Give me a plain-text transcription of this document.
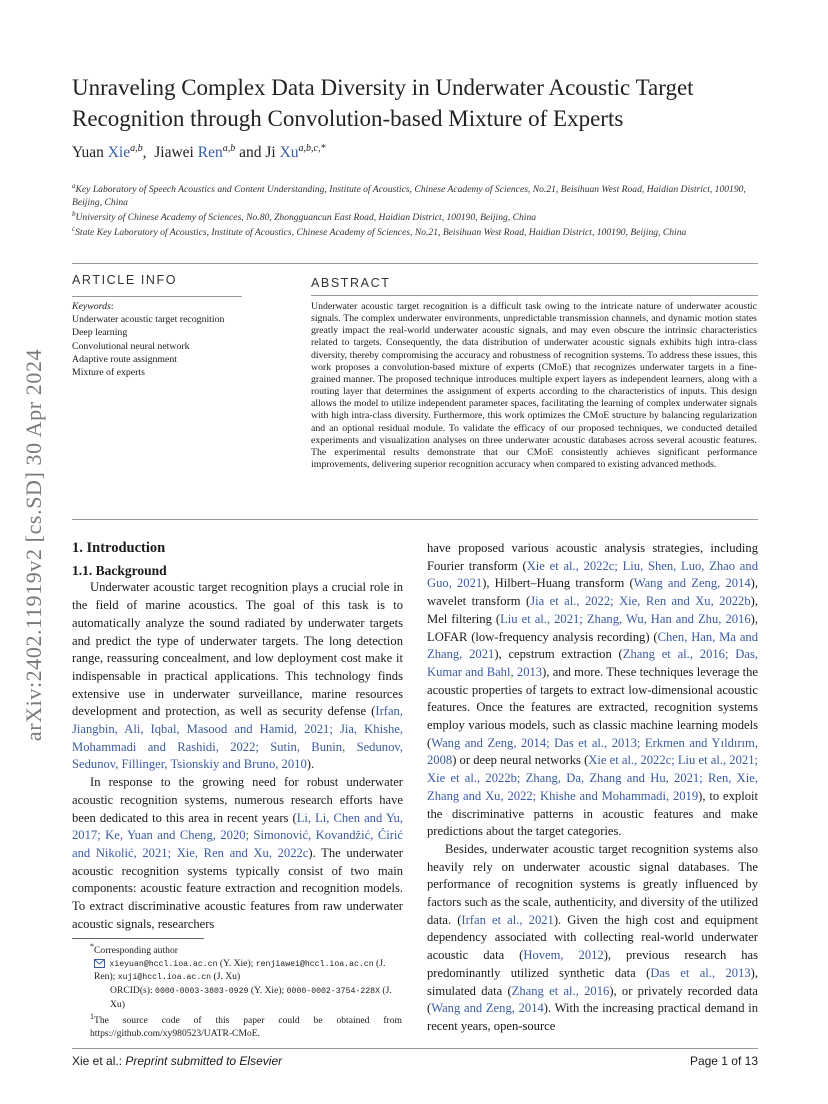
arXiv:2402.11919v2 [cs.SD] 30 Apr 2024
Unraveling Complex Data Diversity in Underwater Acoustic Target Recognition through Convolution-based Mixture of Experts
Yuan Xie$^{a,b}$,  Jiawei Ren$^{a,b}$ and Ji $Xu^{a,b,c,*}$
$^a$Key Laboratory of Speech Acoustics and Content Understanding, Institute of Acoustics, Chinese Academy of Sciences, No.21, Beisihuan West Road, Haidian District, 100190, Beijing, China
$^b$University of Chinese Academy of Sciences, No.80, Zhongguancun East Road, Haidian District, 100190, Beijing, China
$^c$State Key Laboratory of Acoustics, Institute of Acoustics, Chinese Academy of Sciences, No.21, Beisihuan West Road, Haidian District, 100190, Beijing, China
ARTICLE INFO	ABSTRACT
Keywords:
Underwater acoustic target recognition
Deep learning
Convolutional neural network
Adaptive route assignment
Mixture of experts
Underwater acoustic target recognition is a difficult task owing to the intricate nature of underwater acoustic signals. The complex underwater environments, unpredictable transmission channels, and dynamic motion states greatly impact the real-world underwater acoustic signals, and may even obscure the intrinsic characteristics related to targets. Consequently, the data distribution of underwater acoustic signals exhibits high intra-class diversity, thereby compromising the accuracy and robustness of recognition systems. To address these issues, this work proposes a convolution-based mixture of experts (CMoE) that recognizes underwater targets in a fine-grained manner. The proposed technique introduces multiple expert layers as independent learners, along with a routing layer that determines the assignment of experts according to the characteristics of inputs. This design allows the model to utilize independent parameter spaces, facilitating the learning of complex underwater signals with high intra-class diversity. Furthermore, this work optimizes the CMoE structure by balancing regularization and an optional residual module. To validate the efficacy of our proposed techniques, we conducted detailed experiments and visualization analyses on three underwater acoustic databases across several acoustic features. The experimental results demonstrate that our CMoE consistently achieves significant performance improvements, delivering superior recognition accuracy when compared to existing advanced methods.
1. Introduction
1.1. Background

Underwater acoustic target recognition plays a crucial role in the field of marine acoustics. The goal of this task is to automatically analyze the sound radiated by underwater targets and predict the type of underwater targets. The long detection range, reassuring concealment, and low deployment cost make it indispensable in practical applications. This technology finds extensive use in underwater surveillance, marine resources development and protection, as well as security defense (Irfan, Jiangbin, Ali, Iqbal, Masood and Hamid, 2021; Jia, Khishe, Mohammadi and Rashidi, 2022; Sutin, Bunin, Sedunov, Sedunov, Fillinger, Tsionskiy and Bruno, 2010).

In response to the growing need for robust underwater acoustic recognition systems, numerous research efforts have been dedicated to this area in recent years (Li, Li, Chen and Yu, 2017; Ke, Yuan and Cheng, 2020; Simonović, Kovandžić, Ćirić and Nikolić, 2021; Xie, Ren and Xu, 2022c). The underwater acoustic recognition systems typically consist of two main components: acoustic feature extraction and recognition models. To extract discriminative acoustic features from raw underwater acoustic signals, researchers

have proposed various acoustic analysis strategies, including Fourier transform (Xie et al., 2022c; Liu, Shen, Luo, Zhao and Guo, 2021), Hilbert–Huang transform (Wang and Zeng, 2014), wavelet transform (Jia et al., 2022; Xie, Ren and Xu, 2022b), Mel filtering (Liu et al., 2021; Zhang, Wu, Han and Zhu, 2016), LOFAR (low-frequency analysis recording) (Chen, Han, Ma and Zhang, 2021), cepstrum extraction (Zhang et al., 2016; Das, Kumar and Bahl, 2013), and more. These techniques leverage the acoustic properties of targets to extract low-dimensional acoustic features. Once the features are extracted, recognition systems employ various models, such as classic machine learning models (Wang and Zeng, 2014; Das et al., 2013; Erkmen and Yıldırım, 2008) or deep neural networks (Xie et al., 2022c; Liu et al., 2021; Xie et al., 2022b; Zhang, Da, Zhang and Hu, 2021; Ren, Xie, Zhang and Xu, 2022; Khishe and Mohammadi, 2019), to exploit the discriminative patterns in acoustic features and make predictions about the target categories.

Besides, underwater acoustic target recognition systems also heavily rely on underwater acoustic signal databases. The performance of recognition systems is greatly influenced by factors such as the scale, authenticity, and diversity of the utilized data. (Irfan et al., 2021). Given the high cost and equipment dependency associated with collecting real-world underwater acoustic data (Hovem, 2012), previous research has predominantly utilized synthetic data (Das et al., 2013), simulated data (Zhang et al., 2016), or privately recorded data (Wang and Zeng, 2014). With the increasing practical demand in recent years, open-source

*Corresponding author
xieyuan@hccl.ioa.ac.cn (Y. Xie); renjiawei@hccl.ioa.ac.cn (J. Ren); xuji@hccl.ioa.ac.cn (J. Xu)
ORCID(s): 0000-0003-3803-0929 (Y. Xie); 0000-0002-3754-228X (J. Xu)
$^1$The source code of this paper could be obtained from https://github.com/xy980523/UATR-CMoE.
Xie et al.: Preprint submitted to Elsevier	Page 1 of 13
